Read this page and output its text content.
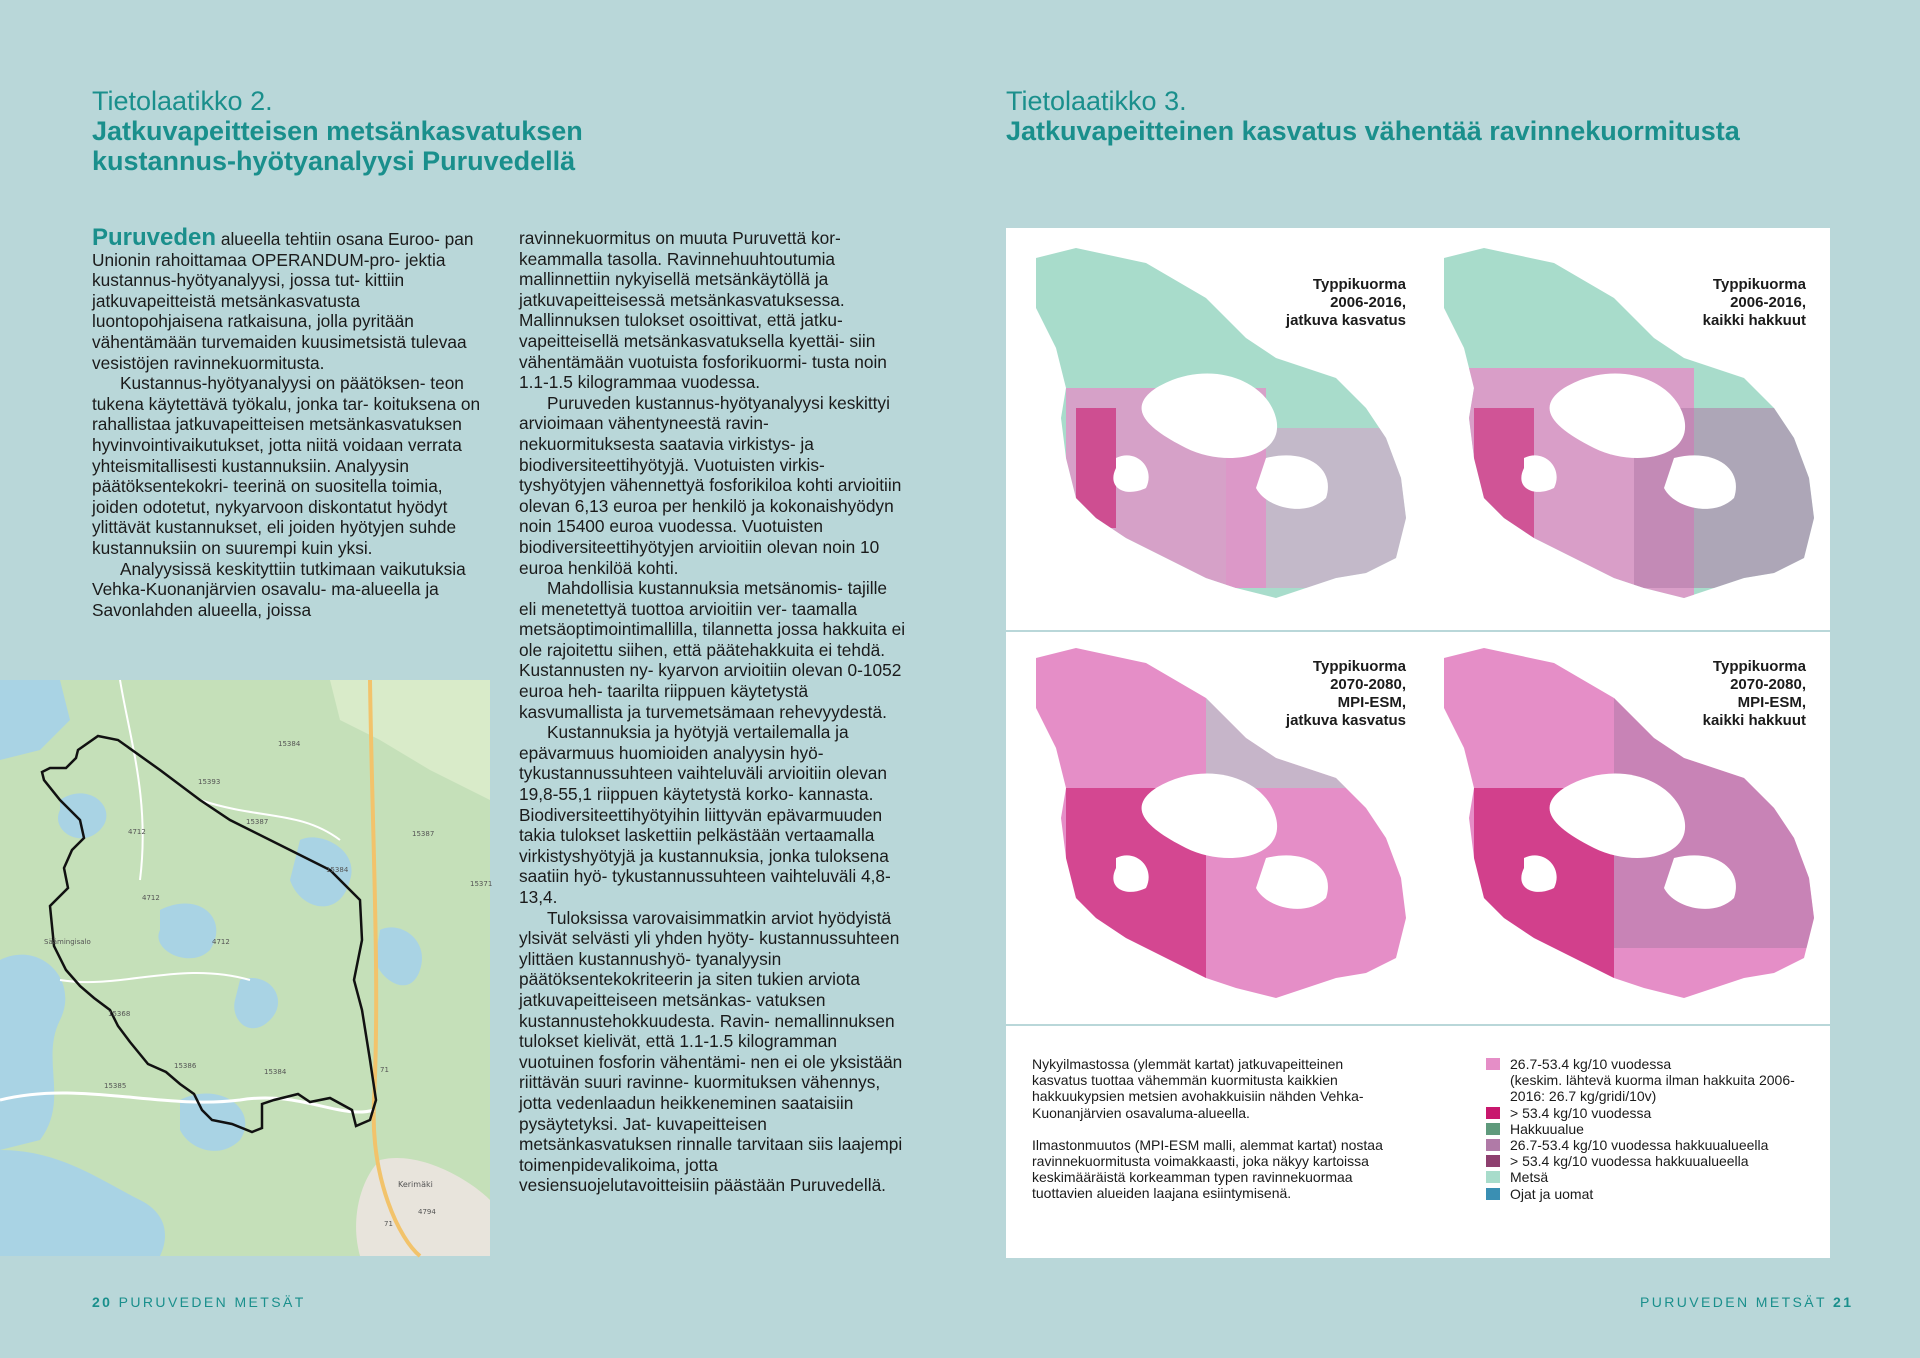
Tietolaatikko 2.
Jatkuvapeitteisen metsänkasvatuksen
kustannus-hyötyanalyysi Puruvedellä

Puruveden alueella tehtiin osana Euroo- pan Unionin rahoittamaa OPERANDUM-pro- jektia kustannus-hyötyanalyysi, jossa tut- kittiin jatkuvapeitteistä metsänkasvatusta luontopohjaisena ratkaisuna, jolla pyritään vähentämään turvemaiden kuusimetsistä tulevaa vesistöjen ravinnekuormitusta.

Kustannus-hyötyanalyysi on päätöksen- teon tukena käytettävä työkalu, jonka tar- koituksena on rahallistaa jatkuvapeitteisen metsänkasvatuksen hyvinvointivaikutukset, jotta niitä voidaan verrata yhteismitallisesti kustannuksiin. Analyysin päätöksentekokri- teerinä on suositella toimia, joiden odotetut, nykyarvoon diskontatut hyödyt ylittävät kustannukset, eli joiden hyötyjen suhde kustannuksiin on suurempi kuin yksi.

Analyysissä keskityttiin tutkimaan vaikutuksia Vehka-Kuonanjärvien osavalu- ma-alueella ja Savonlahden alueella, joissa

ravinnekuormitus on muuta Puruvettä kor- keammalla tasolla. Ravinnehuuhtoutumia mallinnettiin nykyisellä metsänkäytöllä ja jatkuvapeitteisessä metsänkasvatuksessa. Mallinnuksen tulokset osoittivat, että jatku- vapeitteisellä metsänkasvatuksella kyettäi- siin vähentämään vuotuista fosforikuormi- tusta noin 1.1-1.5 kilogrammaa vuodessa.

Puruveden kustannus-hyötyanalyysi keskittyi arvioimaan vähentyneestä ravin- nekuormituksesta saatavia virkistys- ja biodiversiteettihyötyjä. Vuotuisten virkis- tyshyötyjen vähennettyä fosforikiloa kohti arvioitiin olevan 6,13 euroa per henkilö ja kokonaishyödyn noin 15400 euroa vuodessa. Vuotuisten biodiversiteettihyötyjen arvioitiin olevan noin 10 euroa henkilöä kohti.

Mahdollisia kustannuksia metsänomis- tajille eli menetettyä tuottoa arvioitiin ver- taamalla metsäoptimointimallilla, tilannetta jossa hakkuita ei ole rajoitettu siihen, että päätehakkuita ei tehdä. Kustannusten ny- kyarvon arvioitiin olevan 0-1052 euroa heh- taarilta riippuen käytetystä kasvumallista ja turvemetsämaan rehevyydestä.

Kustannuksia ja hyötyjä vertailemalla ja epävarmuus huomioiden analyysin hyö- tykustannussuhteen vaihteluväli arvioitiin olevan 19,8-55,1 riippuen käytetystä korko- kannasta. Biodiversiteettihyötyihin liittyvän epävarmuuden takia tulokset laskettiin pelkästään vertaamalla virkistyshyötyjä ja kustannuksia, jonka tuloksena saatiin hyö- tykustannussuhteen vaihteluväli 4,8-13,4.

Tuloksissa varovaisimmatkin arviot hyödyistä ylsivät selvästi yli yhden hyöty- kustannussuhteen ylittäen kustannushyö- tyanalyysin päätöksentekokriteerin ja siten tukien arviota jatkuvapeitteiseen metsänkas- vatuksen kustannustehokkuudesta. Ravin- nemallinnuksen tulokset kielivät, että 1.1-1.5 kilogramman vuotuinen fosforin vähentämi- nen ei ole yksistään riittävän suuri ravinne- kuormituksen vähennys, jotta vedenlaadun heikkeneminen saataisiin pysäytetyksi. Jat- kuvapeitteisen metsänkasvatuksen rinnalle tarvitaan siis laajempi toimenpidevalikoima, jotta vesiensuojelutavoitteisiin päästään Puruvedellä.

Säämingisalo
Kerimäki
15384
15393
15387
4712
4712
15368
15371
15384
15385
15386
15387
71
71
4794
4712
15384
20 PURUVEDEN METSÄT
Tietolaatikko 3.
Jatkuvapeitteinen kasvatus vähentää ravinnekuormitusta
Typpikuorma
2006-2016,
jatkuva kasvatus
Typpikuorma
2006-2016,
kaikki hakkuut
Typpikuorma
2070-2080,
MPI-ESM,
jatkuva kasvatus
Typpikuorma
2070-2080,
MPI-ESM,
kaikki hakkuut

Nykyilmastossa (ylemmät kartat) jatkuvapeitteinen kasvatus tuottaa vähemmän kuormitusta kaikkien hakkuukypsien metsien avohakkuisiin nähden Vehka-Kuonanjärvien osavaluma-alueella.

Ilmastonmuutos (MPI-ESM malli, alemmat kartat) nostaa ravinnekuormitusta voimakkaasti, joka näkyy kartoissa keskimääräistä korkeamman typen ravinnekuormaa tuottavien alueiden laajana esiintymisenä.

26.7-53.4 kg/10 vuodessa
(keskim. lähtevä kuorma ilman hakkuita 2006-2016: 26.7 kg/gridi/10v)
> 53.4 kg/10 vuodessa
Hakkuualue
26.7-53.4 kg/10 vuodessa hakkuualueella
> 53.4 kg/10 vuodessa hakkuualueella
Metsä
Ojat ja uomat
PURUVEDEN METSÄT 21
